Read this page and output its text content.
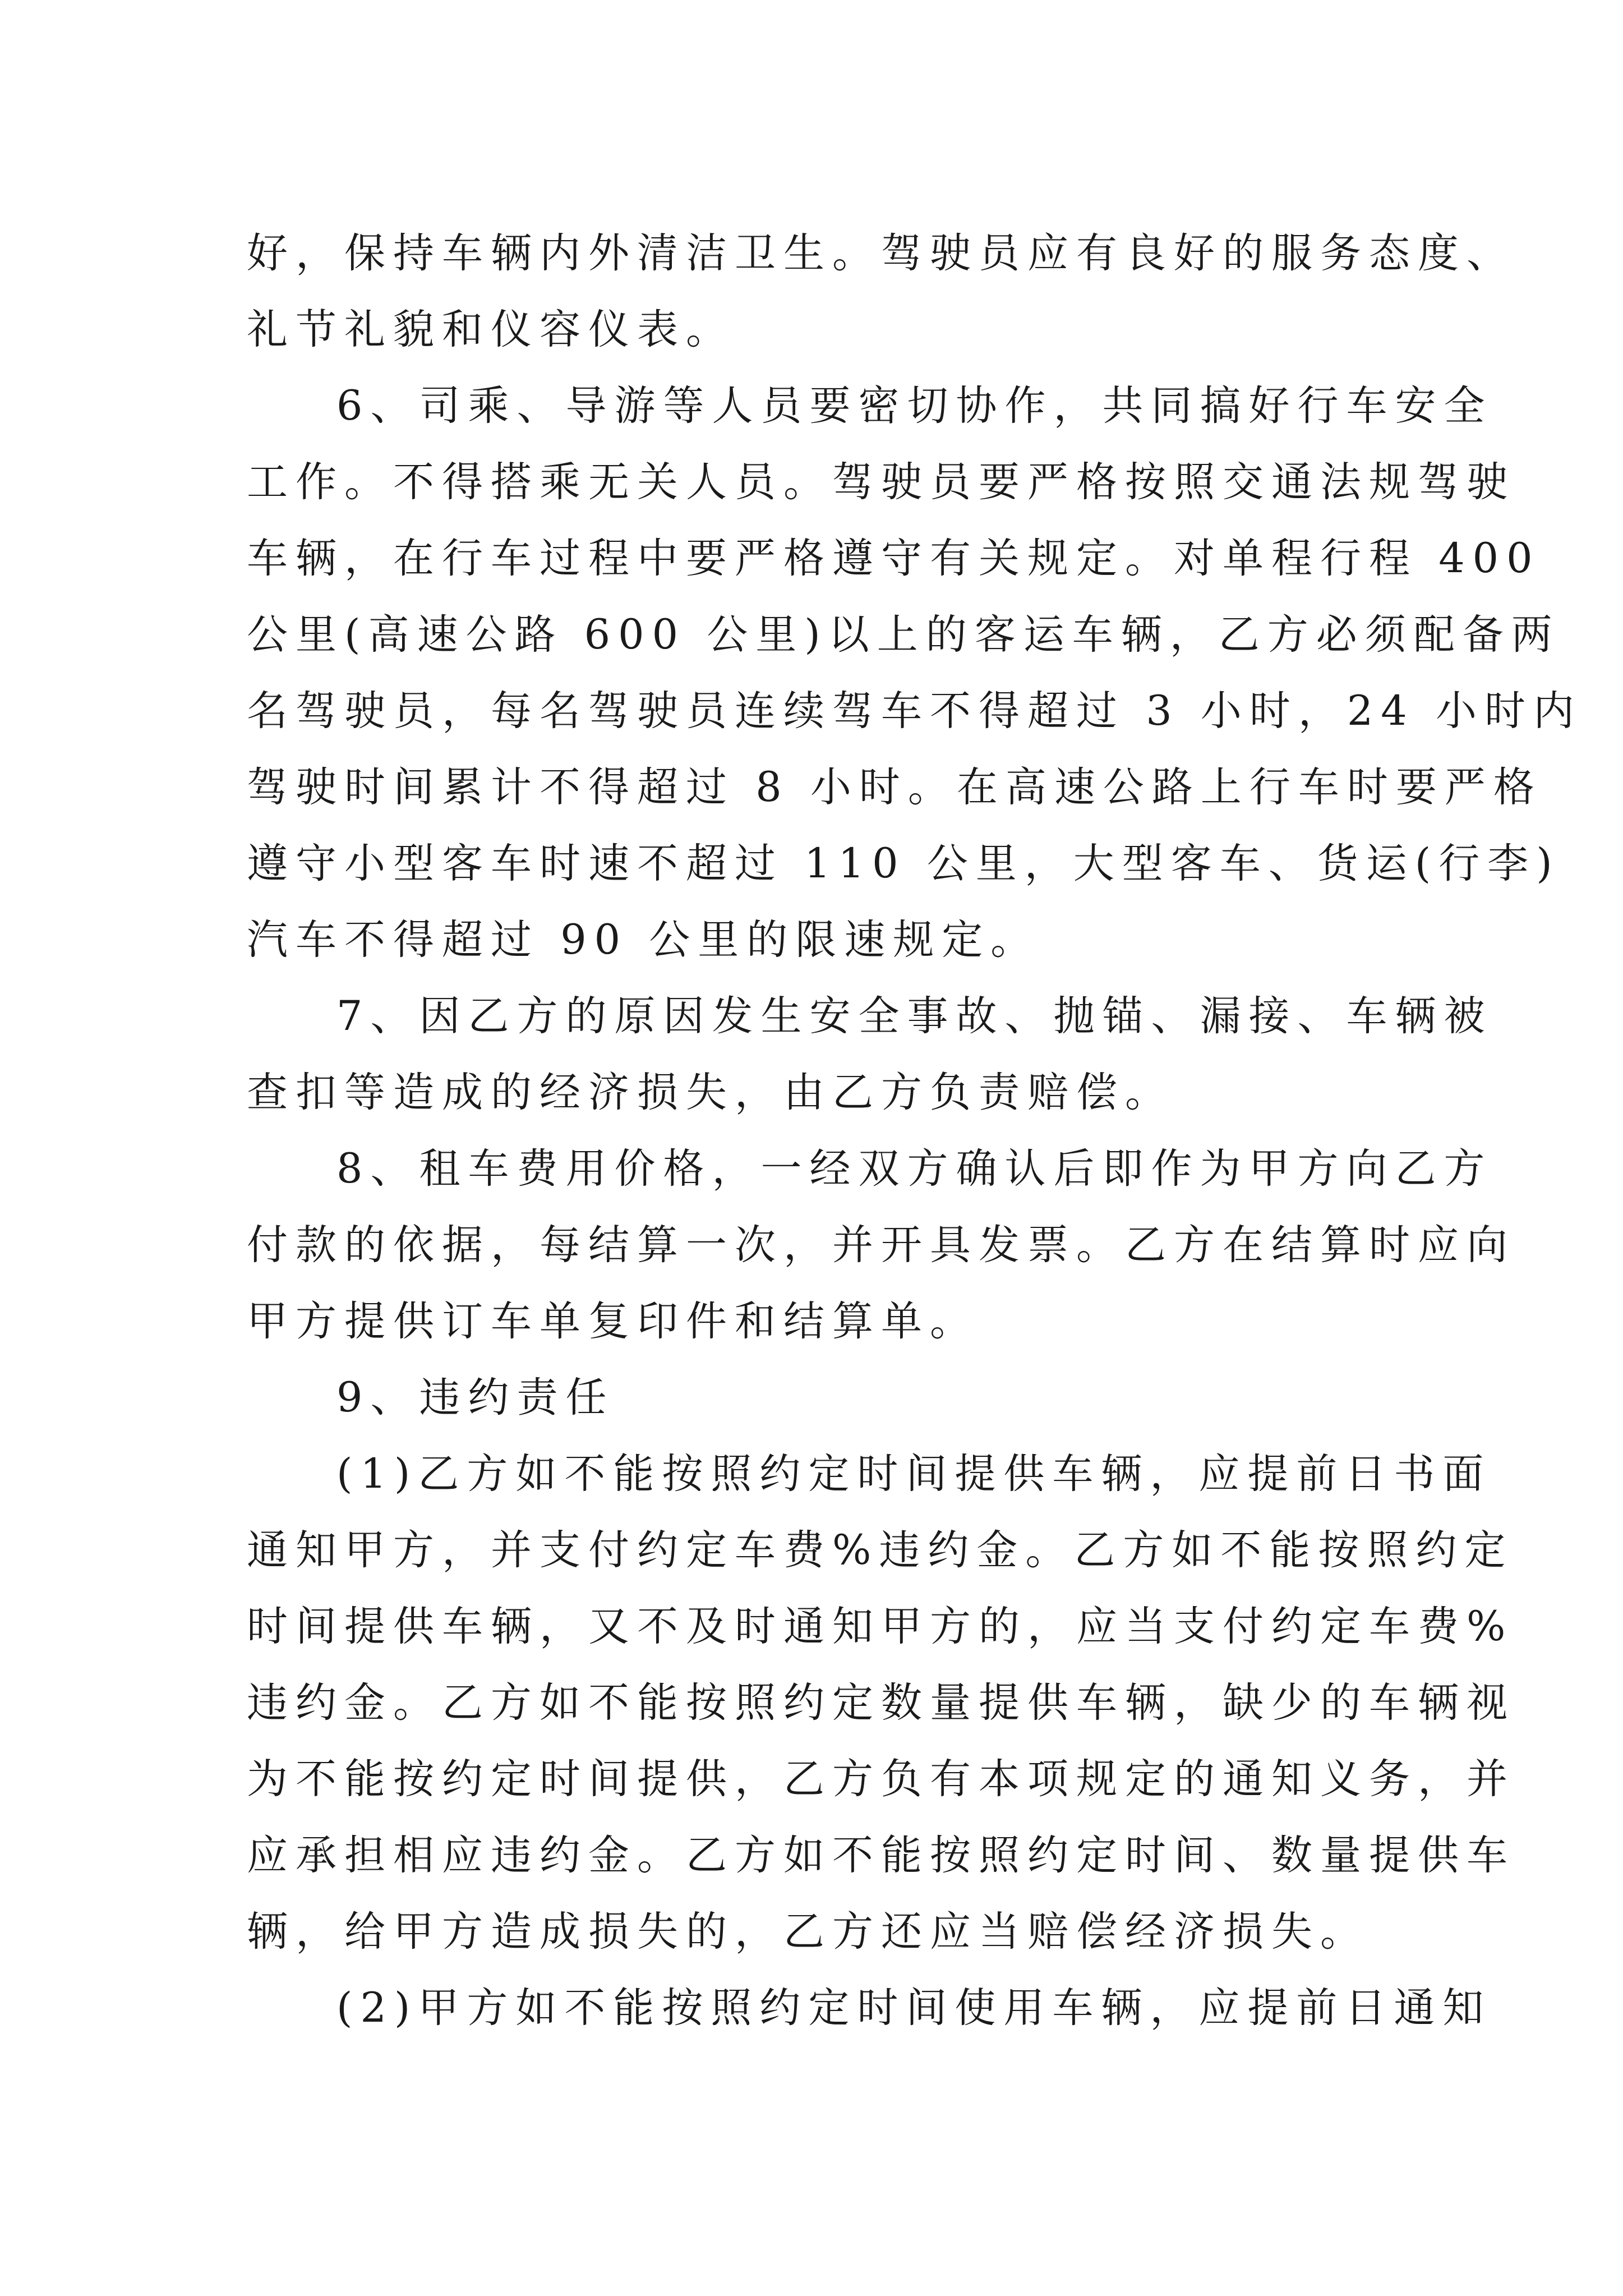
好，保持车辆内外清洁卫生。驾驶员应有良好的服务态度、
礼节礼貌和仪容仪表。
6、司乘、导游等人员要密切协作，共同搞好行车安全
工作。不得搭乘无关人员。驾驶员要严格按照交通法规驾驶
车辆，在行车过程中要严格遵守有关规定。对单程行程 400
公里(高速公路 600 公里)以上的客运车辆，乙方必须配备两
名驾驶员，每名驾驶员连续驾车不得超过 3 小时，24 小时内
驾驶时间累计不得超过 8 小时。在高速公路上行车时要严格
遵守小型客车时速不超过 110 公里，大型客车、货运(行李)
汽车不得超过 90 公里的限速规定。
7、因乙方的原因发生安全事故、抛锚、漏接、车辆被
查扣等造成的经济损失，由乙方负责赔偿。
8、租车费用价格，一经双方确认后即作为甲方向乙方
付款的依据，每结算一次，并开具发票。乙方在结算时应向
甲方提供订车单复印件和结算单。
9、违约责任
(1)乙方如不能按照约定时间提供车辆，应提前日书面
通知甲方，并支付约定车费%违约金。乙方如不能按照约定
时间提供车辆，又不及时通知甲方的，应当支付约定车费%
违约金。乙方如不能按照约定数量提供车辆，缺少的车辆视
为不能按约定时间提供，乙方负有本项规定的通知义务，并
应承担相应违约金。乙方如不能按照约定时间、数量提供车
辆，给甲方造成损失的，乙方还应当赔偿经济损失。
(2)甲方如不能按照约定时间使用车辆，应提前日通知
